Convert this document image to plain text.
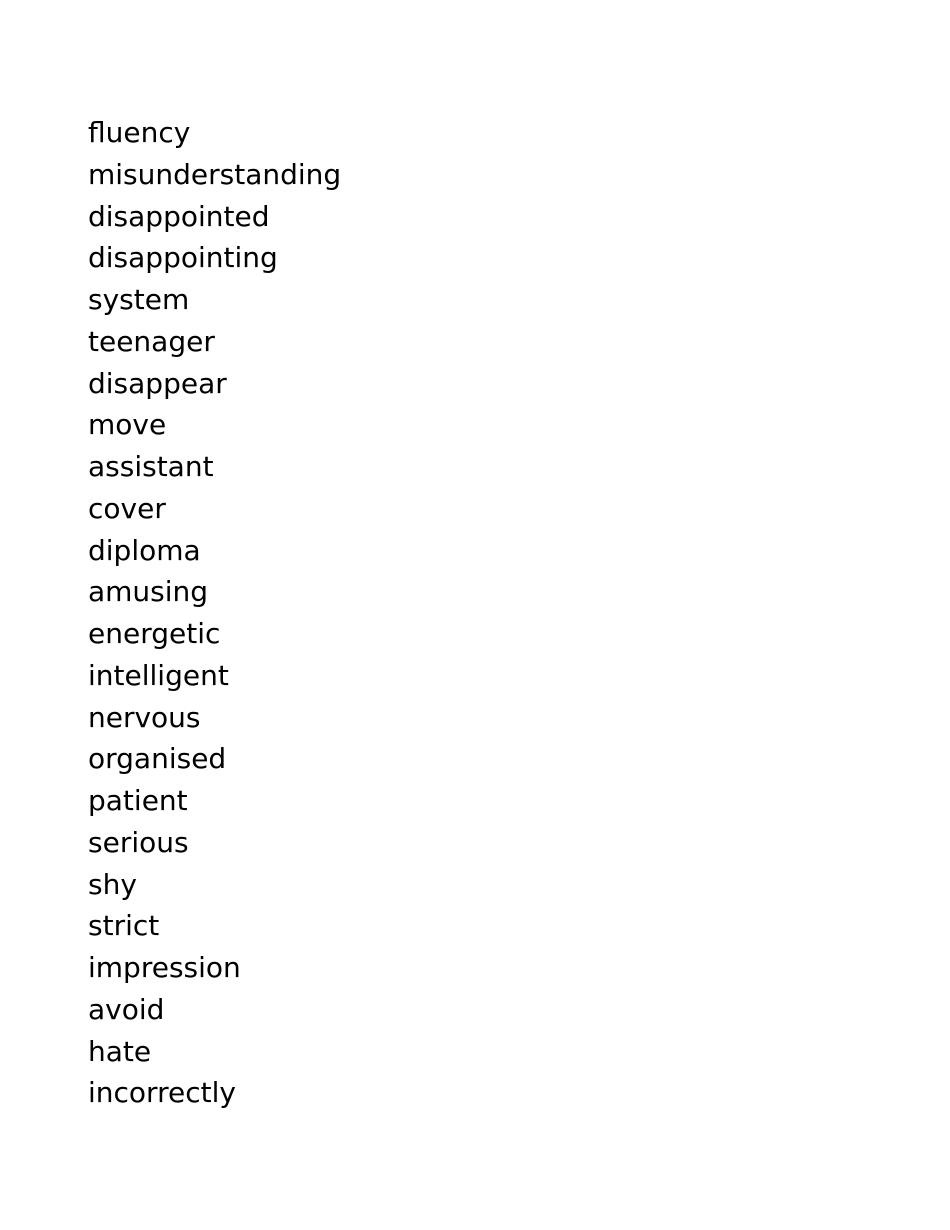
fluency
misunderstanding
disappointed
disappointing
system
teenager
disappear
move
assistant
cover
diploma
amusing
energetic
intelligent
nervous
organised
patient
serious
shy
strict
impression
avoid
hate
incorrectly
